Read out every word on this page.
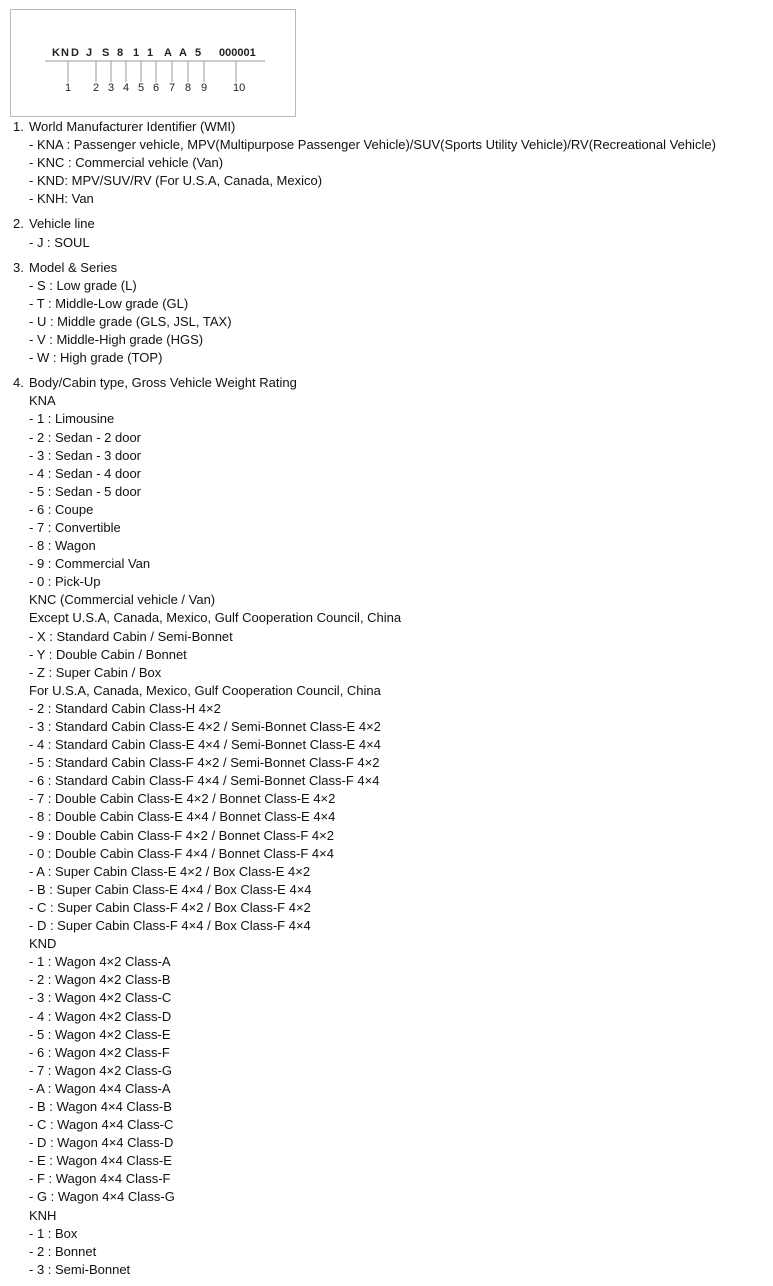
K N D J S 8 1 1 A A 5 000001
1 2 3 4 5 6 7 8 9 10
1. World Manufacturer Identifier (WMI)
- KNA : Passenger vehicle, MPV(Multipurpose Passenger Vehicle)/SUV(Sports Utility Vehicle)/RV(Recreational Vehicle)
- KNC : Commercial vehicle (Van)
- KND: MPV/SUV/RV (For U.S.A, Canada, Mexico)
- KNH: Van
2. Vehicle line
- J : SOUL
3. Model & Series
- S : Low grade (L)
- T : Middle-Low grade (GL)
- U : Middle grade (GLS, JSL, TAX)
- V : Middle-High grade (HGS)
- W : High grade (TOP)
4. Body/Cabin type, Gross Vehicle Weight Rating
KNA
- 1 : Limousine
- 2 : Sedan - 2 door
- 3 : Sedan - 3 door
- 4 : Sedan - 4 door
- 5 : Sedan - 5 door
- 6 : Coupe
- 7 : Convertible
- 8 : Wagon
- 9 : Commercial Van
- 0 : Pick-Up
KNC (Commercial vehicle / Van)
Except U.S.A, Canada, Mexico, Gulf Cooperation Council, China
- X : Standard Cabin / Semi-Bonnet
- Y : Double Cabin / Bonnet
- Z : Super Cabin / Box
For U.S.A, Canada, Mexico, Gulf Cooperation Council, China
- 2 : Standard Cabin Class-H 4×2
- 3 : Standard Cabin Class-E 4×2 / Semi-Bonnet Class-E 4×2
- 4 : Standard Cabin Class-E 4×4 / Semi-Bonnet Class-E 4×4
- 5 : Standard Cabin Class-F 4×2 / Semi-Bonnet Class-F 4×2
- 6 : Standard Cabin Class-F 4×4 / Semi-Bonnet Class-F 4×4
- 7 : Double Cabin Class-E 4×2 / Bonnet Class-E 4×2
- 8 : Double Cabin Class-E 4×4 / Bonnet Class-E 4×4
- 9 : Double Cabin Class-F 4×2 / Bonnet Class-F 4×2
- 0 : Double Cabin Class-F 4×4 / Bonnet Class-F 4×4
- A : Super Cabin Class-E 4×2 / Box Class-E 4×2
- B : Super Cabin Class-E 4×4 / Box Class-E 4×4
- C : Super Cabin Class-F 4×2 / Box Class-F 4×2
- D : Super Cabin Class-F 4×4 / Box Class-F 4×4
KND
- 1 : Wagon 4×2 Class-A
- 2 : Wagon 4×2 Class-B
- 3 : Wagon 4×2 Class-C
- 4 : Wagon 4×2 Class-D
- 5 : Wagon 4×2 Class-E
- 6 : Wagon 4×2 Class-F
- 7 : Wagon 4×2 Class-G
- A : Wagon 4×4 Class-A
- B : Wagon 4×4 Class-B
- C : Wagon 4×4 Class-C
- D : Wagon 4×4 Class-D
- E : Wagon 4×4 Class-E
- F : Wagon 4×4 Class-F
- G : Wagon 4×4 Class-G
KNH
- 1 : Box
- 2 : Bonnet
- 3 : Semi-Bonnet
